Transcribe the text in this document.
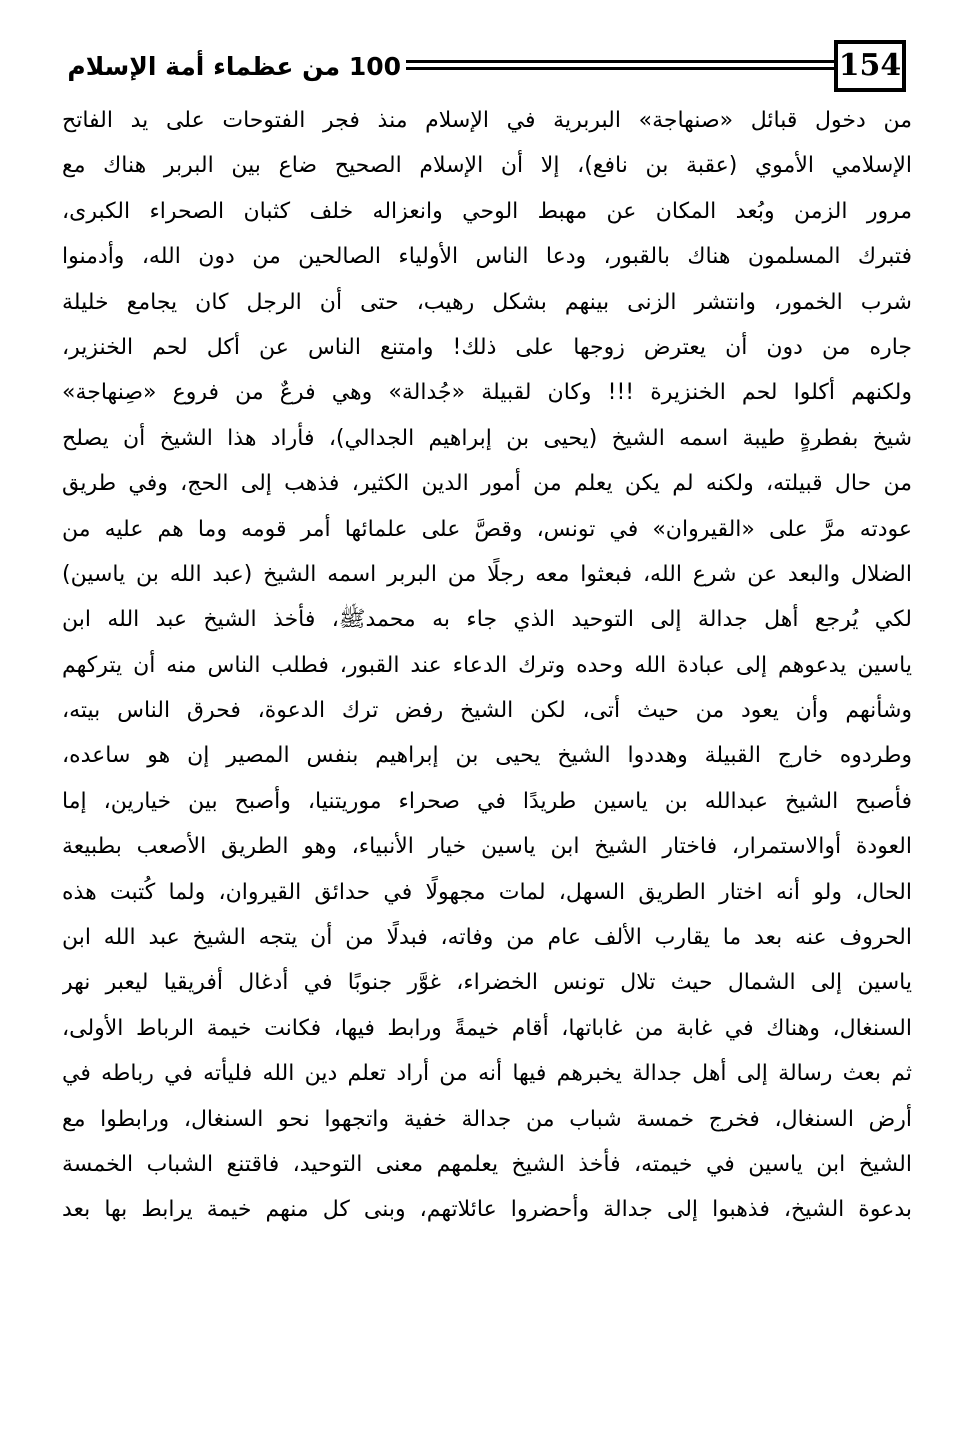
100 من عظماء أمة الإسلام	154
من دخول قبائل «صنهاجة» البربرية في الإسلام منذ فجر الفتوحات على يد الفاتح
الإسلامي الأموي (عقبة بن نافع)، إلا أن الإسلام الصحيح ضاع بين البربر هناك مع
مرور الزمن وبُعد المكان عن مهبط الوحي وانعزاله خلف كثبان الصحراء الكبرى،
فتبرك المسلمون هناك بالقبور، ودعا الناس الأولياء الصالحين من دون الله، وأدمنوا
شرب الخمور، وانتشر الزنى بينهم بشكل رهيب، حتى أن الرجل كان يجامع خليلة
جاره من دون أن يعترض زوجها على ذلك! وامتنع الناس عن أكل لحم الخنزير،
ولكنهم أكلوا لحم الخنزيرة !!! وكان لقبيلة «جُدالة» وهي فرعٌ من فروع «صِنهاجة»
شيخ بفطرةٍ طيبة اسمه الشيخ (يحيى بن إبراهيم الجدالي)، فأراد هذا الشيخ أن يصلح
من حال قبيلته، ولكنه لم يكن يعلم من أمور الدين الكثير، فذهب إلى الحج، وفي طريق
عودته مرَّ على «القيروان» في تونس، وقصَّ على علمائها أمر قومه وما هم عليه من
الضلال والبعد عن شرع الله، فبعثوا معه رجلًا من البربر اسمه الشيخ (عبد الله بن ياسين)
لكي يُرجع أهل جدالة إلى التوحيد الذي جاء به محمدﷺ، فأخذ الشيخ عبد الله ابن
ياسين يدعوهم إلى عبادة الله وحده وترك الدعاء عند القبور، فطلب الناس منه أن يتركهم
وشأنهم وأن يعود من حيث أتى، لكن الشيخ رفض ترك الدعوة، فحرق الناس بيته،
وطردوه خارج القبيلة وهددوا الشيخ يحيى بن إبراهيم بنفس المصير إن هو ساعده،
فأصبح الشيخ عبدالله بن ياسين طريدًا في صحراء موريتنيا، وأصبح بين خيارين، إما
العودة أوالاستمرار، فاختار الشيخ ابن ياسين خيار الأنبياء، وهو الطريق الأصعب بطبيعة
الحال، ولو أنه اختار الطريق السهل، لمات مجهولًا في حدائق القيروان، ولما كُتبت هذه
الحروف عنه بعد ما يقارب الألف عام من وفاته، فبدلًا من أن يتجه الشيخ عبد الله ابن
ياسين إلى الشمال حيث تلال تونس الخضراء، غوَّر جنوبًا في أدغال أفريقيا ليعبر نهر
السنغال، وهناك في غابة من غاباتها، أقام خيمةً ورابط فيها، فكانت خيمة الرباط الأولى،
ثم بعث رسالة إلى أهل جدالة يخبرهم فيها أنه من أراد تعلم دين الله فليأته في رباطه في
أرض السنغال، فخرج خمسة شباب من جدالة خفية واتجهوا نحو السنغال، ورابطوا مع
الشيخ ابن ياسين في خيمته، فأخذ الشيخ يعلمهم معنى التوحيد، فاقتنع الشباب الخمسة
بدعوة الشيخ، فذهبوا إلى جدالة وأحضروا عائلاتهم، وبنى كل منهم خيمة يرابط بها بعد
